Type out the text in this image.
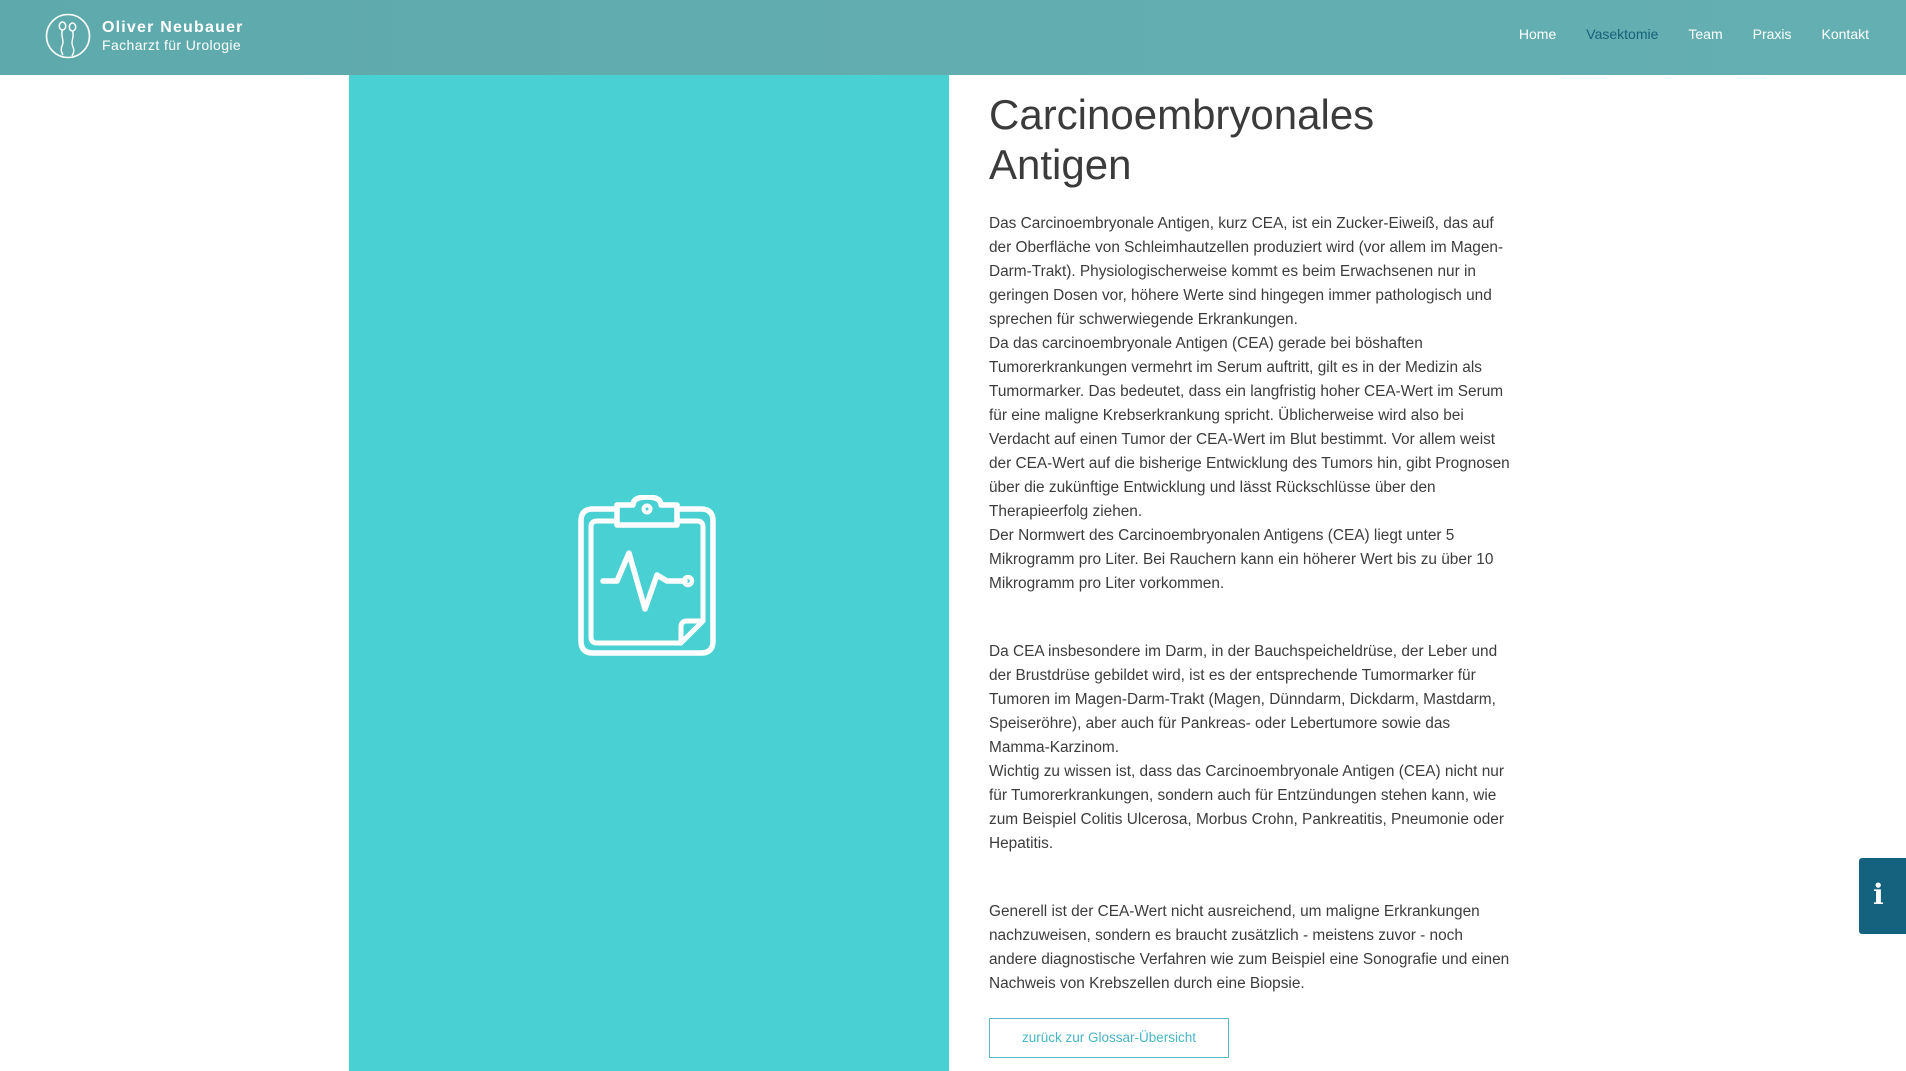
Oliver Neubauer
Facharzt für Urologie
Home Vasektomie Team Praxis Kontakt
Carcinoembryonales
Antigen

Das Carcinoembryonale Antigen, kurz CEA, ist ein Zucker-Eiweiß, das auf der Oberfläche von Schleimhautzellen produziert wird (vor allem im Magen-Darm-Trakt). Physiologischerweise kommt es beim Erwachsenen nur in geringen Dosen vor, höhere Werte sind hingegen immer pathologisch und sprechen für schwerwiegende Erkrankungen.

Da das carcinoembryonale Antigen (CEA) gerade bei böshaften Tumorerkrankungen vermehrt im Serum auftritt, gilt es in der Medizin als Tumormarker. Das bedeutet, dass ein langfristig hoher CEA-Wert im Serum für eine maligne Krebserkrankung spricht. Üblicherweise wird also bei Verdacht auf einen Tumor der CEA-Wert im Blut bestimmt. Vor allem weist der CEA-Wert auf die bisherige Entwicklung des Tumors hin, gibt Prognosen über die zukünftige Entwicklung und lässt Rückschlüsse über den Therapieerfolg ziehen.

Der Normwert des Carcinoembryonalen Antigens (CEA) liegt unter 5 Mikrogramm pro Liter. Bei Rauchern kann ein höherer Wert bis zu über 10 Mikrogramm pro Liter vorkommen.

Da CEA insbesondere im Darm, in der Bauchspeicheldrüse, der Leber und der Brustdrüse gebildet wird, ist es der entsprechende Tumormarker für Tumoren im Magen-Darm-Trakt (Magen, Dünndarm, Dickdarm, Mastdarm, Speiseröhre), aber auch für Pankreas- oder Lebertumore sowie das Mamma-Karzinom.

Wichtig zu wissen ist, dass das Carcinoembryonale Antigen (CEA) nicht nur für Tumorerkrankungen, sondern auch für Entzündungen stehen kann, wie zum Beispiel Colitis Ulcerosa, Morbus Crohn, Pankreatitis, Pneumonie oder Hepatitis.

Generell ist der CEA-Wert nicht ausreichend, um maligne Erkrankungen nachzuweisen, sondern es braucht zusätzlich - meistens zuvor - noch andere diagnostische Verfahren wie zum Beispiel eine Sonografie und einen Nachweis von Krebszellen durch eine Biopsie.

zurück zur Glossar-Übersicht
i
